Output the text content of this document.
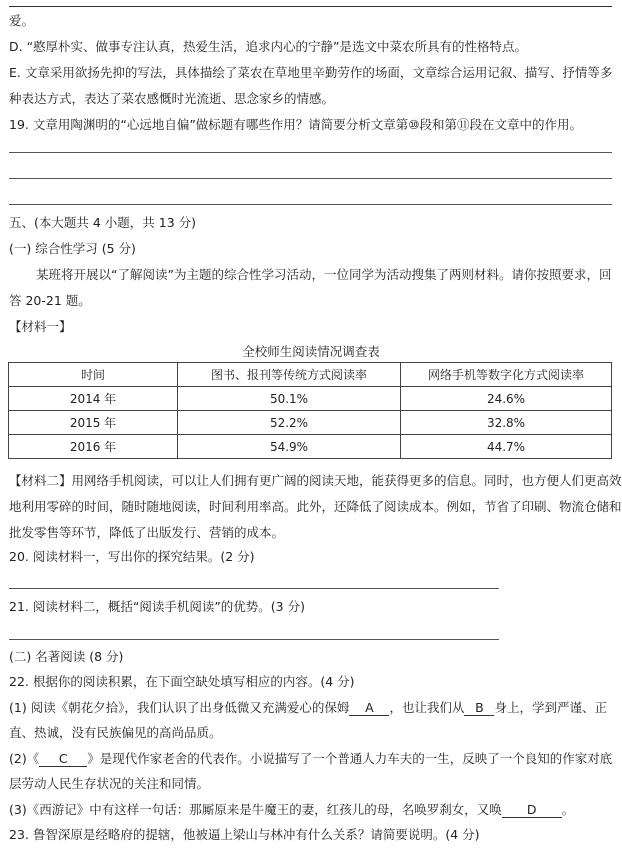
爱。
D. “憨厚朴实、做事专注认真，热爱生活，追求内心的宁静”是选文中菜农所具有的性格特点。
E. 文章采用欲扬先抑的写法，具体描绘了菜农在草地里辛勤劳作的场面，文章综合运用记叙、描写、抒情等多
种表达方式，表达了菜农感慨时光流逝、思念家乡的情感。
19. 文章用陶渊明的“心远地自偏”做标题有哪些作用？请简要分析文章第⑩段和第⑪段在文章中的作用。
五、(本大题共 4 小题，共 13 分)
(一) 综合性学习 (5 分)
某班将开展以“了解阅读”为主题的综合性学习活动，一位同学为活动搜集了两则材料。请你按照要求，回
答 20-21 题。
【材料一】
全校师生阅读情况调查表
时间	图书、报刊等传统方式阅读率	网络手机等数字化方式阅读率
2014 年	50.1%	24.6%
2015 年	52.2%	32.8%
2016 年	54.9%	44.7%
【材料二】用网络手机阅读，可以让人们拥有更广阔的阅读天地，能获得更多的信息。同时，也方便人们更高效
地利用零碎的时间，随时随地阅读，时间利用率高。此外，还降低了阅读成本。例如，节省了印刷、物流仓储和
批发零售等环节，降低了出版发行、营销的成本。
20. 阅读材料一，写出你的探究结果。(2 分)
21. 阅读材料二，概括“阅读手机阅读”的优势。(3 分)
(二) 名著阅读 (8 分)
22. 根据你的阅读积累，在下面空缺处填写相应的内容。(4 分)
(1) 阅读《朝花夕拾》，我们认识了出身低微又充满爱心的保姆 A ，也让我们从 B 身上，学到严谨、正
直、热诚，没有民族偏见的高尚品质。
(2)《 C 》是现代作家老舍的代表作。小说描写了一个普通人力车夫的一生，反映了一个良知的作家对底
层劳动人民生存状况的关注和同情。
(3)《西游记》中有这样一句话：那厮原来是牛魔王的妻，红孩儿的母，名唤罗刹女，又唤 D 。
23. 鲁智深原是经略府的提辖，他被逼上梁山与林冲有什么关系？请简要说明。(4 分)
